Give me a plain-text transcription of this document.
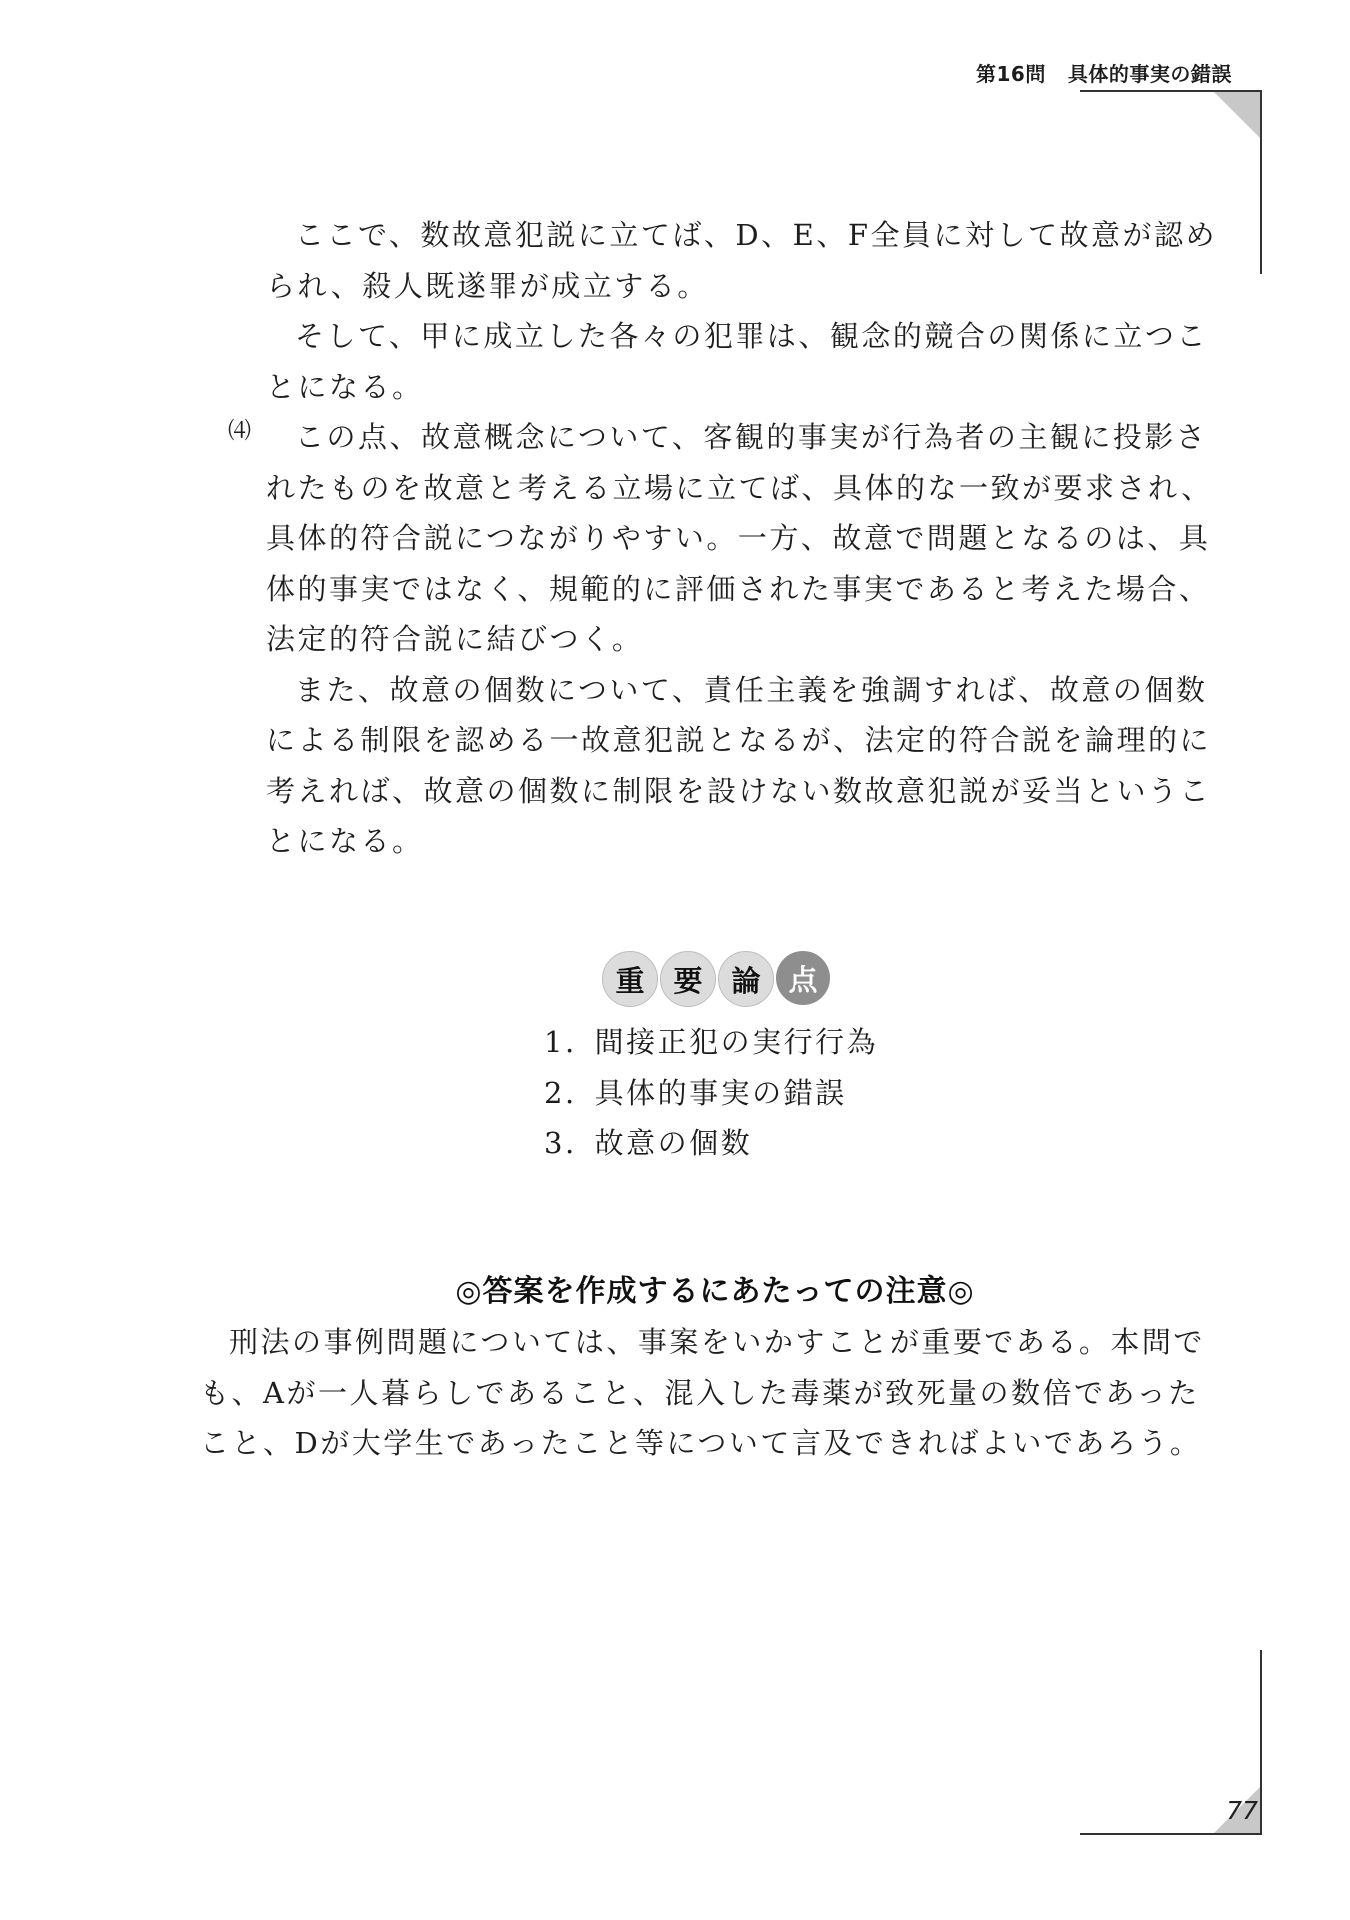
第16問 具体的事実の錯誤

ここで、数故意犯説に立てば、D、E、F全員に対して故意が認められ、殺人既遂罪が成立する。

そして、甲に成立した各々の犯罪は、観念的競合の関係に立つことになる。

この点、故意概念について、客観的事実が行為者の主観に投影されたものを故意と考える立場に立てば、具体的な一致が要求され、具体的符合説につながりやすい。一方、故意で問題となるのは、具体的事実ではなく、規範的に評価された事実であると考えた場合、法定的符合説に結びつく。

また、故意の個数について、責任主義を強調すれば、故意の個数による制限を認める一故意犯説となるが、法定的符合説を論理的に考えれば、故意の個数に制限を設けない数故意犯説が妥当ということになる。

⑷
重 要 論 点
1. 間接正犯の実行行為
2. 具体的事実の錯誤
3. 故意の個数
◎答案を作成するにあたっての注意◎

刑法の事例問題については、事案をいかすことが重要である。本問でも、Aが一人暮らしであること、混入した毒薬が致死量の数倍であったこと、Dが大学生であったこと等について言及できればよいであろう。

77
